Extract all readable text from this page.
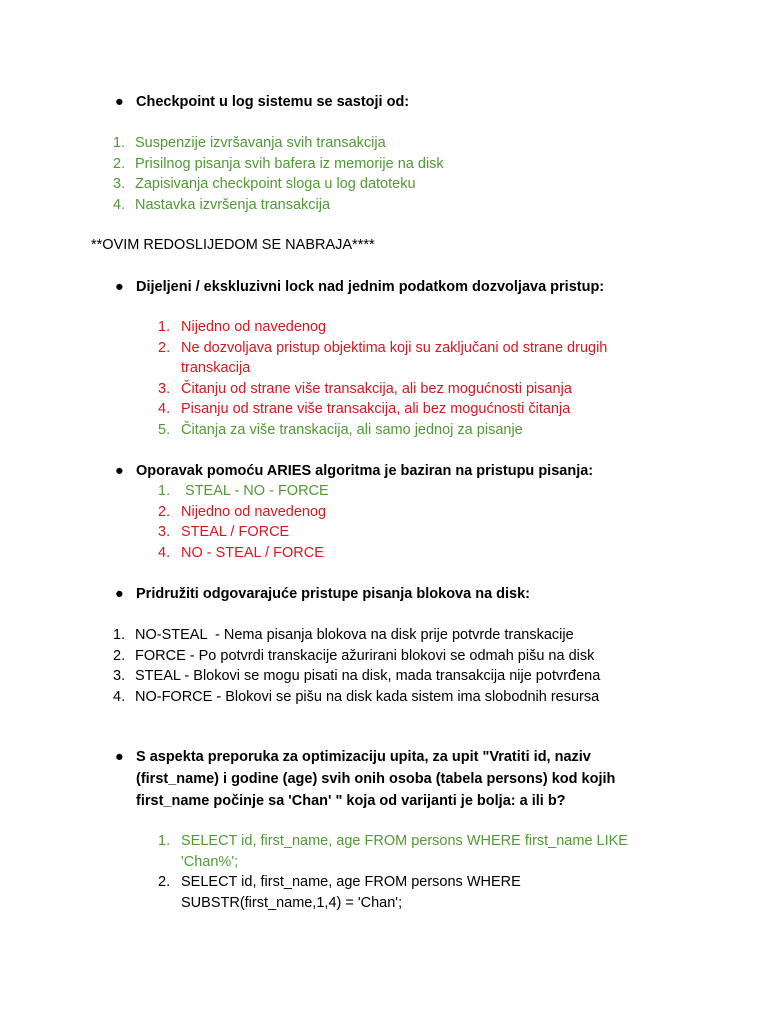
● Checkpoint u log sistemu se sastoji od:
1. Suspenzije izvršavanja svih transakcija
2. Prisilnog pisanja svih bafera iz memorije na disk
3. Zapisivanja checkpoint sloga u log datoteku
4. Nastavka izvršenja transakcija
**OVIM REDOSLIJEDOM SE NABRAJA****
● Dijeljeni / ekskluzivni lock nad jednim podatkom dozvoljava pristup:
1. Nijedno od navedenog
2. Ne dozvoljava pristup objektima koji su zaključani od strane drugih transkacija
3. Čitanju od strane više transakcija, ali bez mogućnosti pisanja
4. Pisanju od strane više transakcija, ali bez mogućnosti čitanja
5. Čitanja za više transkacija, ali samo jednoj za pisanje
● Oporavak pomoću ARIES algoritma je baziran na pristupu pisanja:
1. STEAL - NO - FORCE
2. Nijedno od navedenog
3. STEAL / FORCE
4. NO - STEAL / FORCE
● Pridružiti odgovarajuće pristupe pisanja blokova na disk:
1. NO-STEAL  - Nema pisanja blokova na disk prije potvrde transkacije
2. FORCE - Po potvrdi transkacije ažurirani blokovi se odmah pišu na disk
3. STEAL - Blokovi se mogu pisati na disk, mada transakcija nije potvrđena
4. NO-FORCE - Blokovi se pišu na disk kada sistem ima slobodnih resursa
● S aspekta preporuka za optimizaciju upita, za upit "Vratiti id, naziv (first_name) i godine (age) svih onih osoba (tabela persons) kod kojih first_name počinje sa 'Chan' " koja od varijanti je bolja: a ili b?
1. SELECT id, first_name, age FROM persons WHERE first_name LIKE 'Chan%';
2. SELECT id, first_name, age FROM persons WHERE SUBSTR(first_name,1,4) = 'Chan';
